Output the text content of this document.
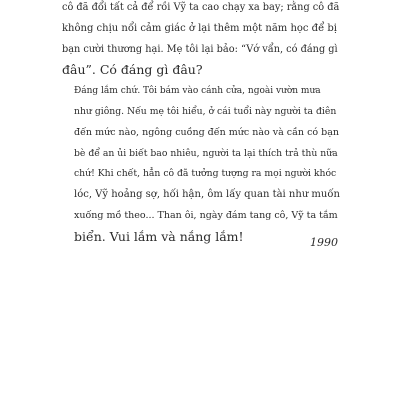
cô đã đổi tất cả để rồi Vỹ ta cao chạy xa bay; rằng cô đã
không chịu nổi cảm giác ở lại thêm một năm học để bị
bạn cười thương hại. Mẹ tôi lại bảo: “Vớ vẩn, có đáng gì
đâu”. Có đáng gì đâu?

Đáng lắm chứ. Tôi bám vào cánh cửa, ngoài vườn mưa
như giông. Nếu mẹ tôi hiểu, ở cái tuổi này người ta điên
đến mức nào, ngông cuồng đến mức nào và cần có bạn
bè để an ủi biết bao nhiêu, người ta lại thích trả thù nữa
chứ! Khi chết, hẳn cô đã tưởng tượng ra mọi người khóc
lóc, Vỹ hoảng sợ, hối hận, ôm lấy quan tài như muốn
xuống mồ theo... Than ôi, ngày đám tang cô, Vỹ ta tắm
biển. Vui lắm và nắng lắm!	1990
